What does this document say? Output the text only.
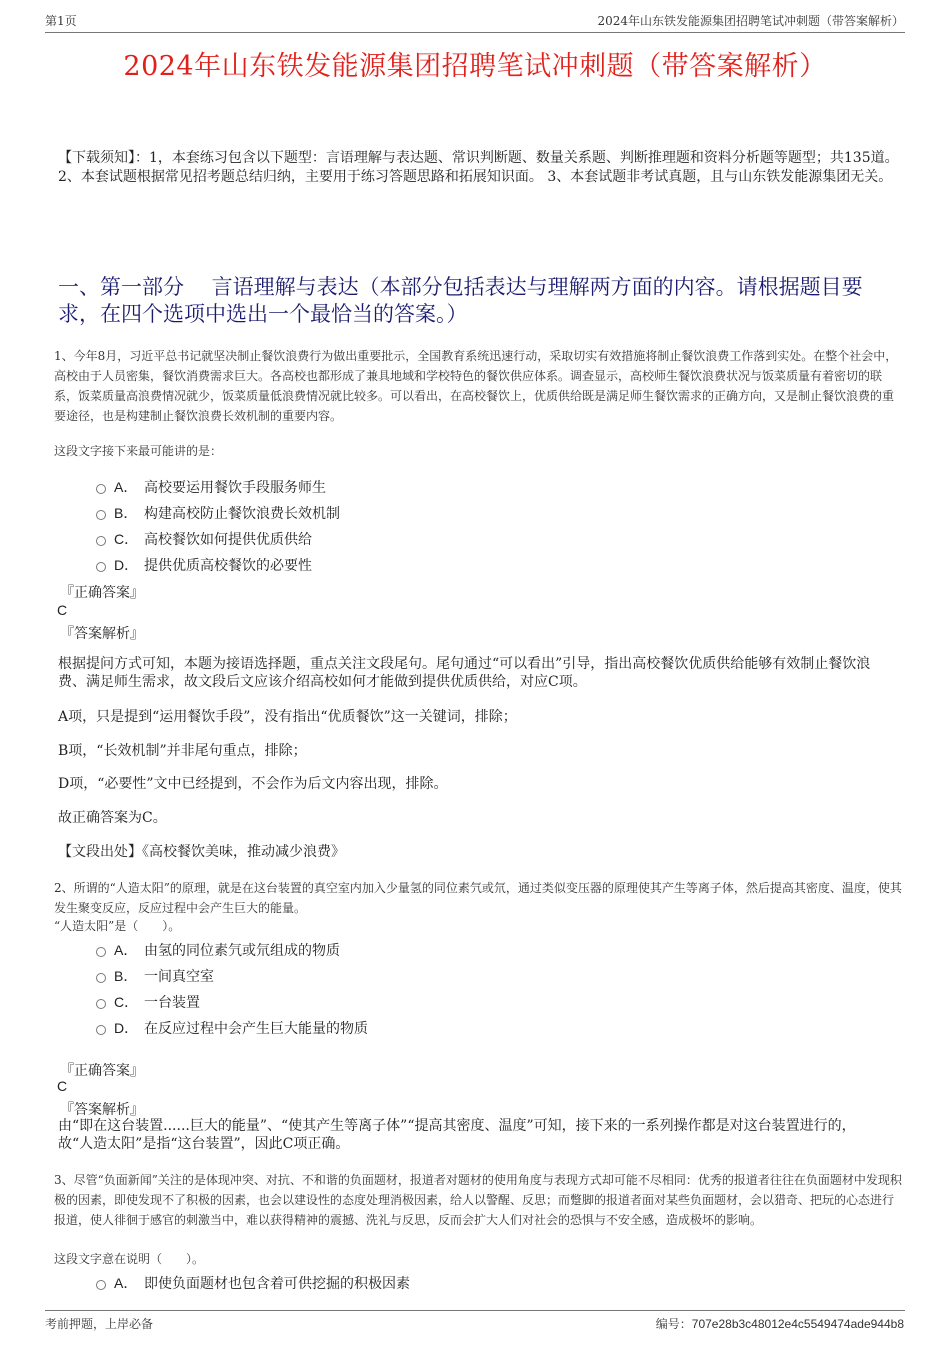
第1页	2024年山东铁发能源集团招聘笔试冲刺题（带答案解析）
2024年山东铁发能源集团招聘笔试冲刺题（带答案解析）
【下载须知】：1，本套练习包含以下题型：言语理解与表达题、常识判断题、数量关系题、判断推理题和资料分析题等题型；共135道。 2、本套试题根据常见招考题总结归纳，主要用于练习答题思路和拓展知识面。 3、本套试题非考试真题，且与山东铁发能源集团无关。
一、第一部分　 言语理解与表达（本部分包括表达与理解两方面的内容。请根据题目要求，在四个选项中选出一个最恰当的答案。）
1、今年8月，习近平总书记就坚决制止餐饮浪费行为做出重要批示，全国教育系统迅速行动，采取切实有效措施将制止餐饮浪费工作落到实处。在整个社会中，高校由于人员密集，餐饮消费需求巨大。各高校也都形成了兼具地域和学校特色的餐饮供应体系。调查显示，高校师生餐饮浪费状况与饭菜质量有着密切的联系，饭菜质量高浪费情况就少，饭菜质量低浪费情况就比较多。可以看出，在高校餐饮上，优质供给既是满足师生餐饮需求的正确方向，又是制止餐饮浪费的重要途径，也是构建制止餐饮浪费长效机制的重要内容。
这段文字接下来最可能讲的是：
A． 高校要运用餐饮手段服务师生
B． 构建高校防止餐饮浪费长效机制
C． 高校餐饮如何提供优质供给
D． 提供优质高校餐饮的必要性
『正确答案』
C
『答案解析』
根据提问方式可知，本题为接语选择题，重点关注文段尾句。尾句通过“可以看出”引导，指出高校餐饮优质供给能够有效制止餐饮浪费、满足师生需求，故文段后文应该介绍高校如何才能做到提供优质供给，对应C项。
A项，只是提到“运用餐饮手段”，没有指出“优质餐饮”这一关键词，排除；
B项，“长效机制”并非尾句重点，排除；
D项，“必要性”文中已经提到，不会作为后文内容出现，排除。
故正确答案为C。
【文段出处】《高校餐饮美味，推动减少浪费》
2、所谓的“人造太阳”的原理，就是在这台装置的真空室内加入少量氢的同位素氕或氘，通过类似变压器的原理使其产生等离子体，然后提高其密度、温度，使其发生聚变反应，反应过程中会产生巨大的能量。
“人造太阳”是（　　）。
A． 由氢的同位素氕或氘组成的物质
B． 一间真空室
C． 一台装置
D． 在反应过程中会产生巨大能量的物质
『正确答案』
C
『答案解析』
由“即在这台装置......巨大的能量”、“使其产生等离子体”“提高其密度、温度”可知，接下来的一系列操作都是对这台装置进行的，故“人造太阳”是指“这台装置”，因此C项正确。
3、尽管“负面新闻”关注的是体现冲突、对抗、不和谐的负面题材，报道者对题材的使用角度与表现方式却可能不尽相同：优秀的报道者往往在负面题材中发现积极的因素，即使发现不了积极的因素，也会以建设性的态度处理消极因素，给人以警醒、反思；而蹩脚的报道者面对某些负面题材，会以猎奇、把玩的心态进行报道，使人徘徊于感官的刺激当中，难以获得精神的震撼、洗礼与反思，反而会扩大人们对社会的恐惧与不安全感，造成极坏的影响。
这段文字意在说明（　　）。
A． 即使负面题材也包含着可供挖掘的积极因素
考前押题，上岸必备	编号：707e28b3c48012e4c5549474ade944b8
